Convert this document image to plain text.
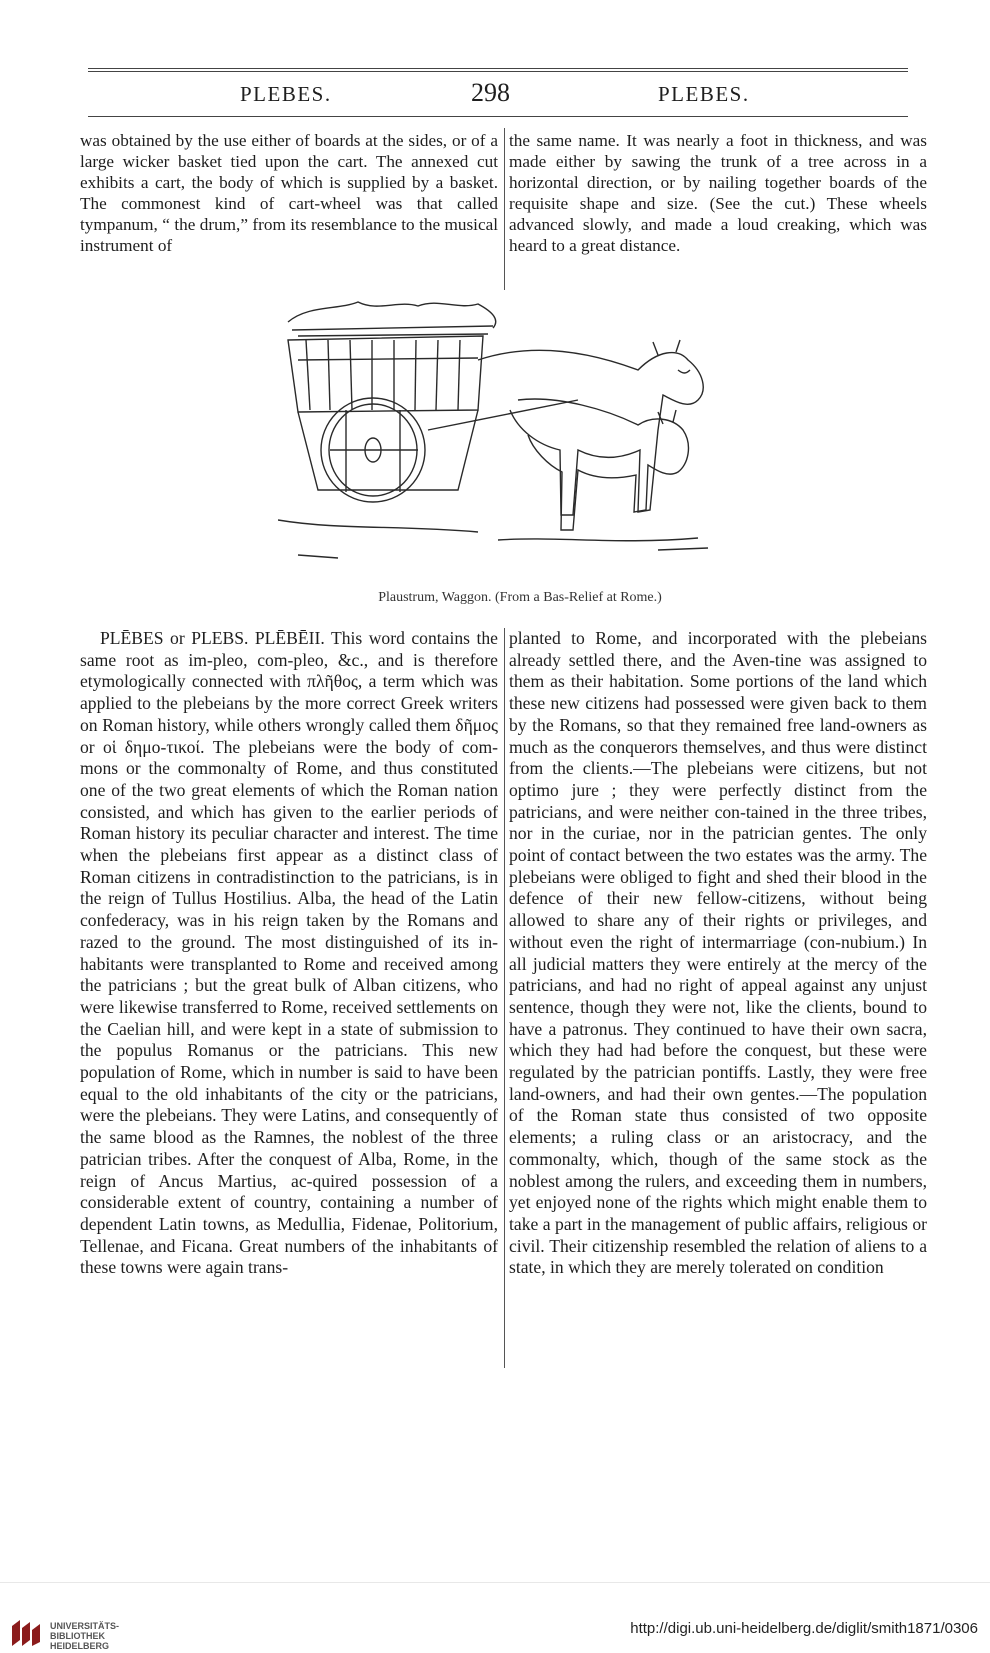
PLEBES.	298	PLEBES.

was obtained by the use either of boards at the sides, or of a large wicker basket tied upon the cart. The annexed cut exhibits a cart, the body of which is supplied by a basket. The commonest kind of cart-wheel was that called tympanum, “ the drum,” from its resemblance to the musical instrument of

the same name. It was nearly a foot in thickness, and was made either by sawing the trunk of a tree across in a horizontal direction, or by nailing together boards of the requisite shape and size. (See the cut.) These wheels advanced slowly, and made a loud creaking, which was heard to a great distance.

Plaustrum, Waggon. (From a Bas-Relief at Rome.)

PLĒBES or PLEBS. PLĒBĒII. This word contains the same root as im-pleo, com-pleo, &c., and is therefore etymologically connected with πλῆθος, a term which was applied to the plebeians by the more correct Greek writers on Roman history, while others wrongly called them δῆμος or οἱ δημο-τικοί. The plebeians were the body of com-mons or the commonalty of Rome, and thus constituted one of the two great elements of which the Roman nation consisted, and which has given to the earlier periods of Roman history its peculiar character and interest. The time when the plebeians first appear as a distinct class of Roman citizens in contradistinction to the patricians, is in the reign of Tullus Hostilius. Alba, the head of the Latin confederacy, was in his reign taken by the Romans and razed to the ground. The most distinguished of its in-habitants were transplanted to Rome and received among the patricians ; but the great bulk of Alban citizens, who were likewise transferred to Rome, received settlements on the Caelian hill, and were kept in a state of submission to the populus Romanus or the patricians. This new population of Rome, which in number is said to have been equal to the old inhabitants of the city or the patricians, were the plebeians. They were Latins, and consequently of the same blood as the Ramnes, the noblest of the three patrician tribes. After the conquest of Alba, Rome, in the reign of Ancus Martius, ac-quired possession of a considerable extent of country, containing a number of dependent Latin towns, as Medullia, Fidenae, Politorium, Tellenae, and Ficana. Great numbers of the inhabitants of these towns were again trans-

planted to Rome, and incorporated with the plebeians already settled there, and the Aven-tine was assigned to them as their habitation. Some portions of the land which these new citizens had possessed were given back to them by the Romans, so that they remained free land-owners as much as the conquerors themselves, and thus were distinct from the clients.—The plebeians were citizens, but not optimo jure ; they were perfectly distinct from the patricians, and were neither con-tained in the three tribes, nor in the curiae, nor in the patrician gentes. The only point of contact between the two estates was the army. The plebeians were obliged to fight and shed their blood in the defence of their new fellow-citizens, without being allowed to share any of their rights or privileges, and without even the right of intermarriage (con-nubium.) In all judicial matters they were entirely at the mercy of the patricians, and had no right of appeal against any unjust sentence, though they were not, like the clients, bound to have a patronus. They continued to have their own sacra, which they had had before the conquest, but these were regulated by the patrician pontiffs. Lastly, they were free land-owners, and had their own gentes.—The population of the Roman state thus consisted of two opposite elements; a ruling class or an aristocracy, and the commonalty, which, though of the same stock as the noblest among the rulers, and exceeding them in numbers, yet enjoyed none of the rights which might enable them to take a part in the management of public affairs, religious or civil. Their citizenship resembled the relation of aliens to a state, in which they are merely tolerated on condition

UNIVERSITÄTS-
BIBLIOTHEK
HEIDELBERG
http://digi.ub.uni-heidelberg.de/diglit/smith1871/0306
